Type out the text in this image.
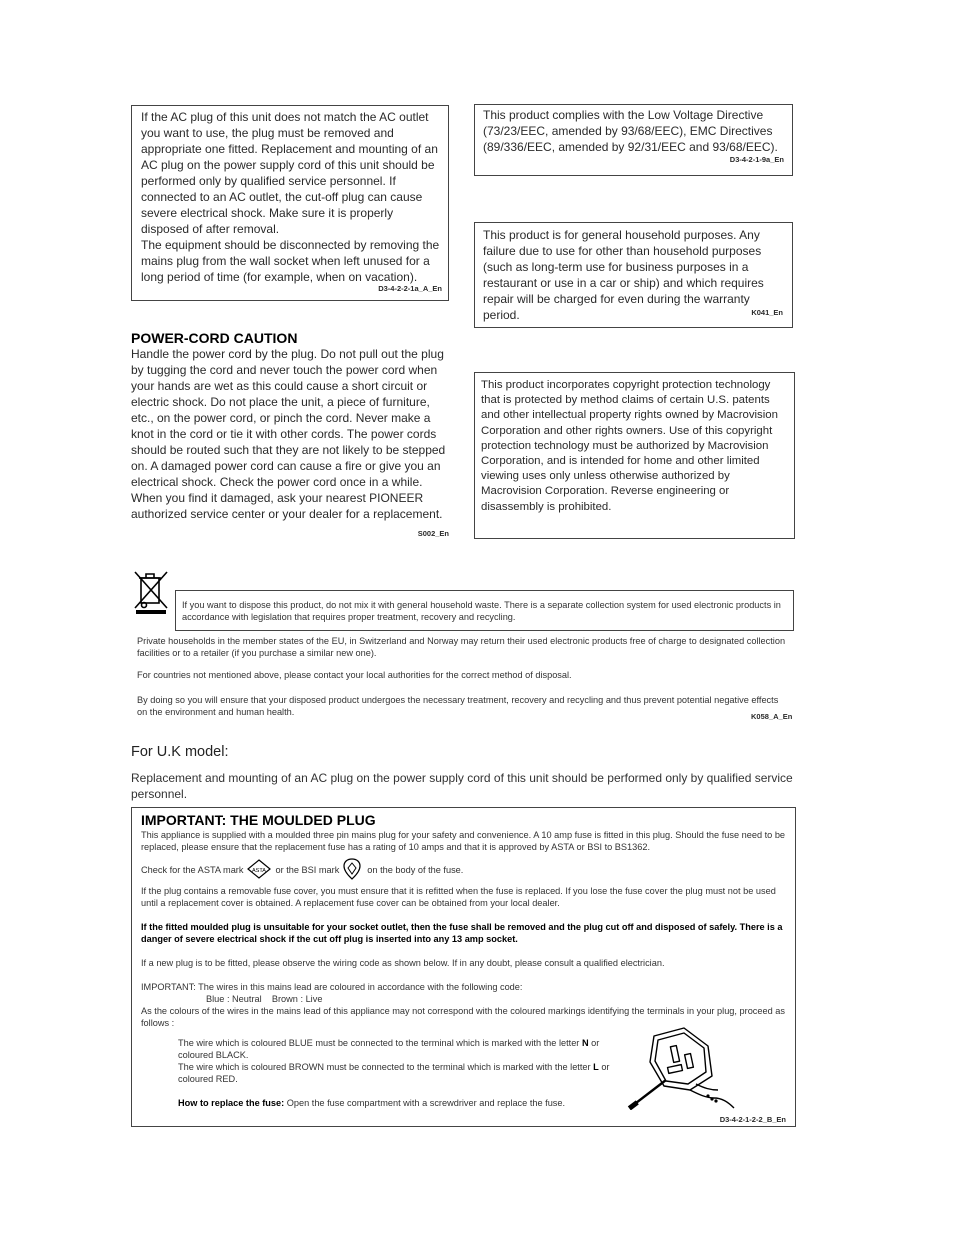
If the AC plug of this unit does not match the AC outlet you want to use, the plug must be removed and appropriate one fitted. Replacement and mounting of an AC plug on the power supply cord of this unit should be performed only by qualified service personnel. If connected to an AC outlet, the cut-off plug can cause severe electrical shock. Make sure it is properly disposed of after removal.

The equipment should be disconnected by removing the mains plug from the wall socket when left unused for a long period of time (for example, when on vacation).

D3-4-2-2-1a_A_En
POWER-CORD CAUTION

Handle the power cord by the plug. Do not pull out the plug by tugging the cord and never touch the power cord when your hands are wet as this could cause a short circuit or electric shock. Do not place the unit, a piece of furniture, etc., on the power cord, or pinch the cord. Never make a knot in the cord or tie it with other cords. The power cords should be routed such that they are not likely to be stepped on. A damaged power cord can cause a fire or give you an electrical shock. Check the power cord once in a while. When you find it damaged, ask your nearest PIONEER authorized service center or your dealer for a replacement.

S002_En

This product complies with the Low Voltage Directive (73/23/EEC, amended by 93/68/EEC), EMC Directives (89/336/EEC, amended by 92/31/EEC and 93/68/EEC).

D3-4-2-1-9a_En

This product is for general household purposes. Any failure due to use for other than household purposes (such as long-term use for business purposes in a restaurant or use in a car or ship) and which requires repair will be charged for even during the warranty period.	K041_En

This product incorporates copyright protection technology that is protected by method claims of certain U.S. patents and other intellectual property rights owned by Macrovision Corporation and other rights owners. Use of this copyright protection technology must be authorized by Macrovision Corporation, and is intended for home and other limited viewing uses only unless otherwise authorized by Macrovision Corporation. Reverse engineering or disassembly is prohibited.

If you want to dispose this product, do not mix it with general household waste. There is a separate collection system for used electronic products in accordance with legislation that requires proper treatment, recovery and recycling.

Private households in the member states of the EU, in Switzerland and Norway may return their used electronic products free of charge to designated collection facilities or to a retailer (if you purchase a similar new one).

For countries not mentioned above, please contact your local authorities for the correct method of disposal.

By doing so you will ensure that your disposed product undergoes the necessary treatment, recovery and recycling and thus prevent potential negative effects on the environment and human health.	K058_A_En
For U.K model:
Replacement and mounting of an AC plug on the power supply cord of this unit should be performed only by qualified service personnel.
IMPORTANT: THE MOULDED PLUG

This appliance is supplied with a moulded three pin mains plug for your safety and convenience. A 10 amp fuse is fitted in this plug. Should the fuse need to be replaced, please ensure that the replacement fuse has a rating of 10 amps and that it is approved by ASTA or BSI to BS1362.

Check for the ASTA mark ASTA or the BSI mark	on the body of the fuse.

If the plug contains a removable fuse cover, you must ensure that it is refitted when the fuse is replaced. If you lose the fuse cover the plug must not be used until a replacement cover is obtained. A replacement fuse cover can be obtained from your local dealer.

If the fitted moulded plug is unsuitable for your socket outlet, then the fuse shall be removed and the plug cut off and disposed of safely. There is a danger of severe electrical shock if the cut off plug is inserted into any 13 amp socket.

If a new plug is to be fitted, please observe the wiring code as shown below. If in any doubt, please consult a qualified electrician.

IMPORTANT: The wires in this mains lead are coloured in accordance with the following code:

Blue : Neutral    Brown : Live

As the colours of the wires in the mains lead of this appliance may not correspond with the coloured markings identifying the terminals in your plug, proceed as follows :

The wire which is coloured BLUE must be connected to the terminal which is marked with the letter N or coloured BLACK.

The wire which is coloured BROWN must be connected to the terminal which is marked with the letter L or coloured RED.

How to replace the fuse: Open the fuse compartment with a screwdriver and replace the fuse.

D3-4-2-1-2-2_B_En
